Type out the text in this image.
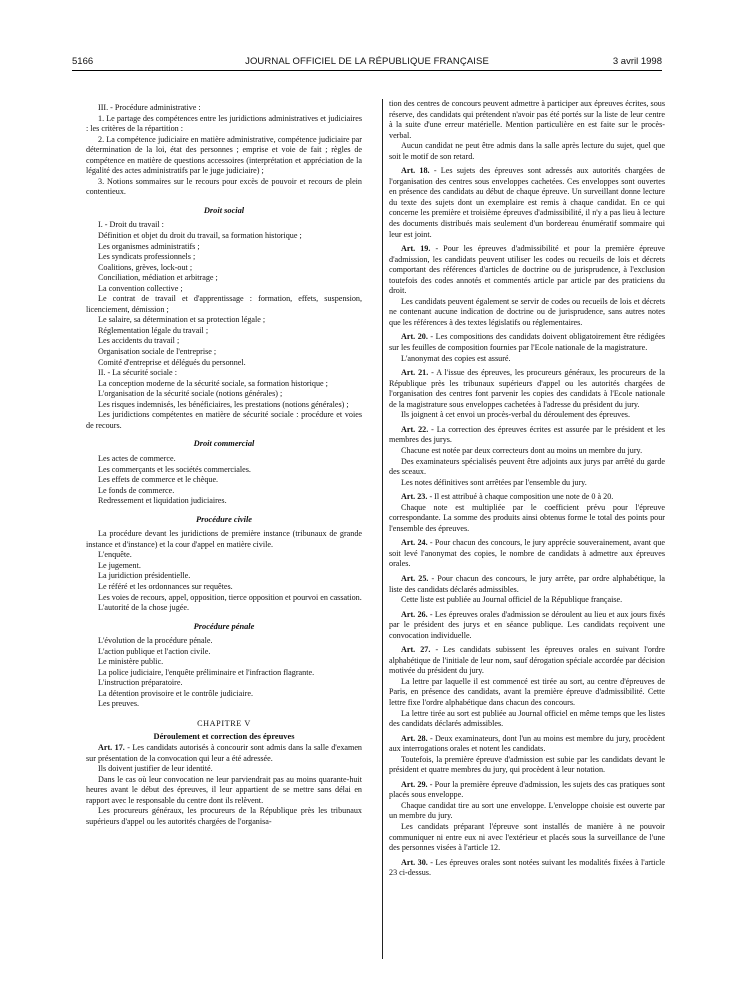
5166	JOURNAL OFFICIEL DE LA RÉPUBLIQUE FRANÇAISE	3 avril 1998

III. - Procédure administrative :

1. Le partage des compétences entre les juridictions administratives et judiciaires : les critères de la répartition :

2. La compétence judiciaire en matière administrative, compétence judiciaire par détermination de la loi, état des personnes ; emprise et voie de fait ; règles de compétence en matière de questions accessoires (interprétation et appréciation de la légalité des actes administratifs par le juge judiciaire) ;

3. Notions sommaires sur le recours pour excès de pouvoir et recours de plein contentieux.

Droit social

I. - Droit du travail :

Définition et objet du droit du travail, sa formation historique ;

Les organismes administratifs ;

Les syndicats professionnels ;

Coalitions, grèves, lock-out ;

Conciliation, médiation et arbitrage ;

La convention collective ;

Le contrat de travail et d'apprentissage : formation, effets, suspension, licenciement, démission ;

Le salaire, sa détermination et sa protection légale ;

Réglementation légale du travail ;

Les accidents du travail ;

Organisation sociale de l'entreprise ;

Comité d'entreprise et délégués du personnel.

II. - La sécurité sociale :

La conception moderne de la sécurité sociale, sa formation historique ;

L'organisation de la sécurité sociale (notions générales) ;

Les risques indemnisés, les bénéficiaires, les prestations (notions générales) ;

Les juridictions compétentes en matière de sécurité sociale : procédure et voies de recours.

Droit commercial

Les actes de commerce.

Les commerçants et les sociétés commerciales.

Les effets de commerce et le chèque.

Le fonds de commerce.

Redressement et liquidation judiciaires.

Procédure civile

La procédure devant les juridictions de première instance (tribunaux de grande instance et d'instance) et la cour d'appel en matière civile.

L'enquête.

Le jugement.

La juridiction présidentielle.

Le référé et les ordonnances sur requêtes.

Les voies de recours, appel, opposition, tierce opposition et pourvoi en cassation.

L'autorité de la chose jugée.

Procédure pénale

L'évolution de la procédure pénale.

L'action publique et l'action civile.

Le ministère public.

La police judiciaire, l'enquête préliminaire et l'infraction flagrante.

L'instruction préparatoire.

La détention provisoire et le contrôle judiciaire.

Les preuves.

CHAPITRE V

Déroulement et correction des épreuves

Art. 17. - Les candidats autorisés à concourir sont admis dans la salle d'examen sur présentation de la convocation qui leur a été adressée.

Ils doivent justifier de leur identité.

Dans le cas où leur convocation ne leur parviendrait pas au moins quarante-huit heures avant le début des épreuves, il leur appartient de se mettre sans délai en rapport avec le responsable du centre dont ils relèvent.

Les procureurs généraux, les procureurs de la République près les tribunaux supérieurs d'appel ou les autorités chargées de l'organisa-

tion des centres de concours peuvent admettre à participer aux épreuves écrites, sous réserve, des candidats qui prétendent n'avoir pas été portés sur la liste de leur centre à la suite d'une erreur matérielle. Mention particulière en est faite sur le procès-verbal.

Aucun candidat ne peut être admis dans la salle après lecture du sujet, quel que soit le motif de son retard.

Art. 18. - Les sujets des épreuves sont adressés aux autorités chargées de l'organisation des centres sous enveloppes cachetées. Ces enveloppes sont ouvertes en présence des candidats au début de chaque épreuve. Un surveillant donne lecture du texte des sujets dont un exemplaire est remis à chaque candidat. En ce qui concerne les première et troisième épreuves d'admissibilité, il n'y a pas lieu à lecture des documents distribués mais seulement d'un bordereau énumératif sommaire qui leur est joint.

Art. 19. - Pour les épreuves d'admissibilité et pour la première épreuve d'admission, les candidats peuvent utiliser les codes ou recueils de lois et décrets comportant des références d'articles de doctrine ou de jurisprudence, à l'exclusion toutefois des codes annotés et commentés article par article par des praticiens du droit.

Les candidats peuvent également se servir de codes ou recueils de lois et décrets ne contenant aucune indication de doctrine ou de jurisprudence, sans autres notes que les références à des textes législatifs ou réglementaires.

Art. 20. - Les compositions des candidats doivent obligatoirement être rédigées sur les feuilles de composition fournies par l'Ecole nationale de la magistrature.

L'anonymat des copies est assuré.

Art. 21. - A l'issue des épreuves, les procureurs généraux, les procureurs de la République près les tribunaux supérieurs d'appel ou les autorités chargées de l'organisation des centres font parvenir les copies des candidats à l'Ecole nationale de la magistrature sous enveloppes cachetées à l'adresse du président du jury.

Ils joignent à cet envoi un procès-verbal du déroulement des épreuves.

Art. 22. - La correction des épreuves écrites est assurée par le président et les membres des jurys.

Chacune est notée par deux correcteurs dont au moins un membre du jury.

Des examinateurs spécialisés peuvent être adjoints aux jurys par arrêté du garde des sceaux.

Les notes définitives sont arrêtées par l'ensemble du jury.

Art. 23. - Il est attribué à chaque composition une note de 0 à 20.

Chaque note est multipliée par le coefficient prévu pour l'épreuve correspondante. La somme des produits ainsi obtenus forme le total des points pour l'ensemble des épreuves.

Art. 24. - Pour chacun des concours, le jury apprécie souverainement, avant que soit levé l'anonymat des copies, le nombre de candidats à admettre aux épreuves orales.

Art. 25. - Pour chacun des concours, le jury arrête, par ordre alphabétique, la liste des candidats déclarés admissibles.

Cette liste est publiée au Journal officiel de la République française.

Art. 26. - Les épreuves orales d'admission se déroulent au lieu et aux jours fixés par le président des jurys et en séance publique. Les candidats reçoivent une convocation individuelle.

Art. 27. - Les candidats subissent les épreuves orales en suivant l'ordre alphabétique de l'initiale de leur nom, sauf dérogation spéciale accordée par décision motivée du président du jury.

La lettre par laquelle il est commencé est tirée au sort, au centre d'épreuves de Paris, en présence des candidats, avant la première épreuve d'admissibilité. Cette lettre fixe l'ordre alphabétique dans chacun des concours.

La lettre tirée au sort est publiée au Journal officiel en même temps que les listes des candidats déclarés admissibles.

Art. 28. - Deux examinateurs, dont l'un au moins est membre du jury, procèdent aux interrogations orales et notent les candidats.

Toutefois, la première épreuve d'admission est subie par les candidats devant le président et quatre membres du jury, qui procèdent à leur notation.

Art. 29. - Pour la première épreuve d'admission, les sujets des cas pratiques sont placés sous enveloppe.

Chaque candidat tire au sort une enveloppe. L'enveloppe choisie est ouverte par un membre du jury.

Les candidats préparant l'épreuve sont installés de manière à ne pouvoir communiquer ni entre eux ni avec l'extérieur et placés sous la surveillance de l'une des personnes visées à l'article 12.

Art. 30. - Les épreuves orales sont notées suivant les modalités fixées à l'article 23 ci-dessus.
